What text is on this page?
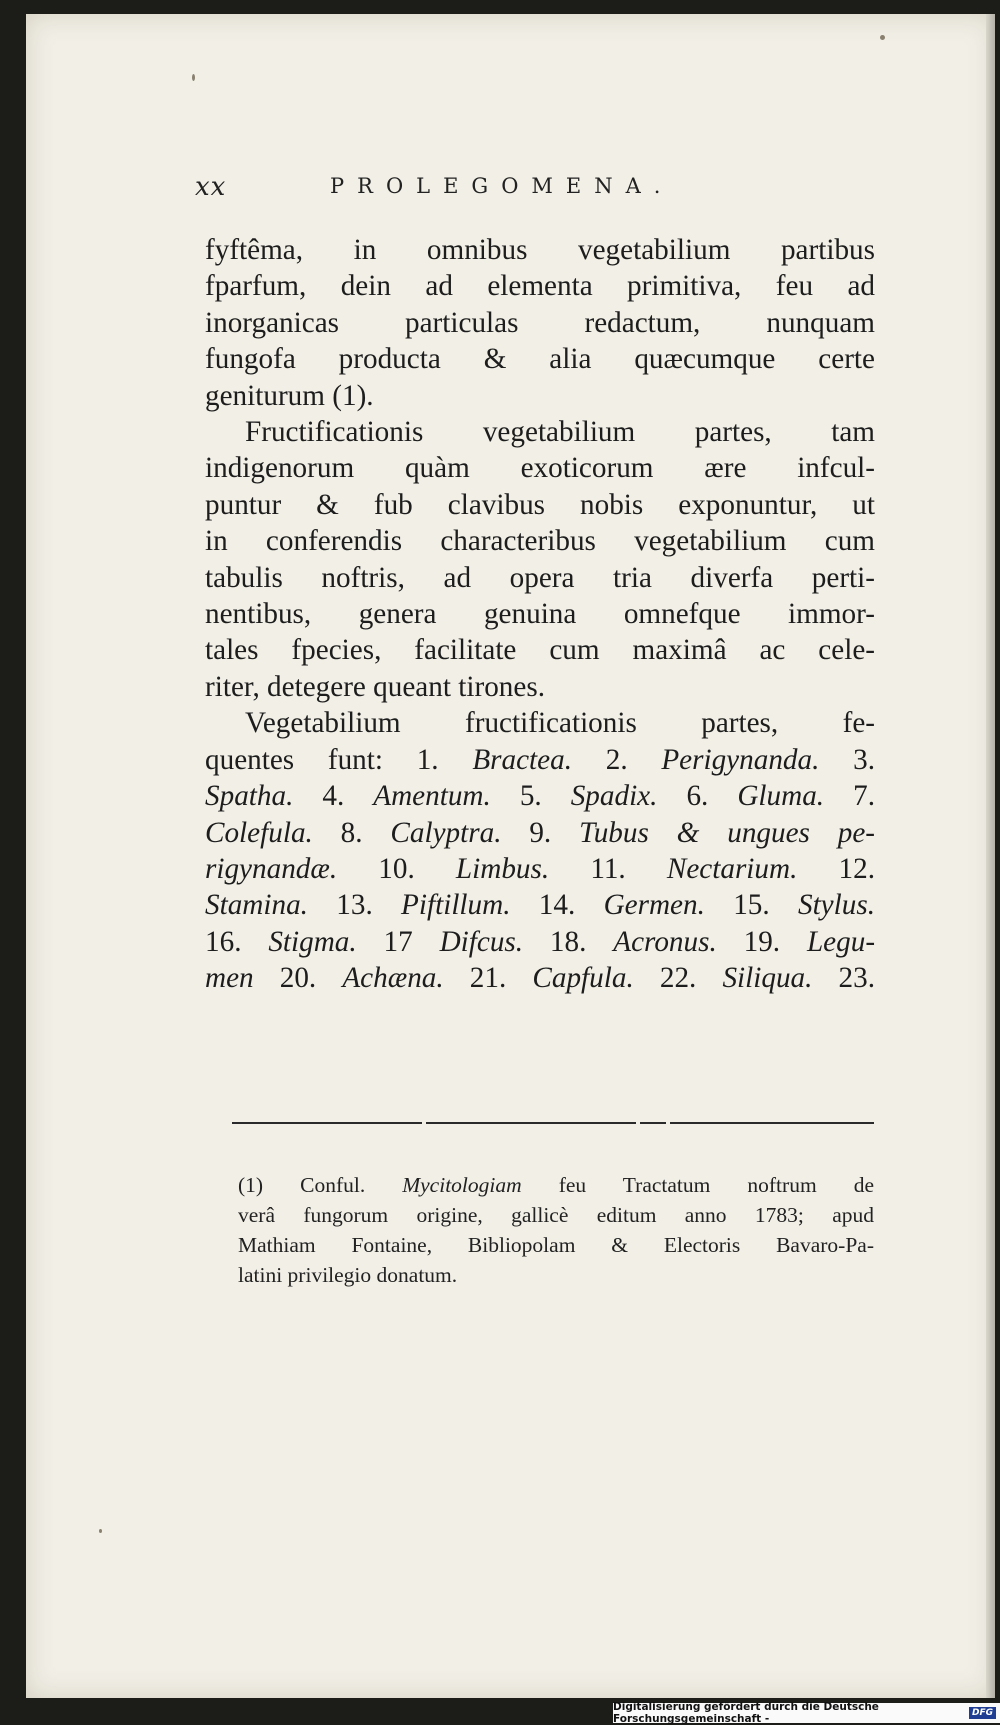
xx	PROLEGOMENA.
fyftêma, in omnibus vegetabilium partibus
fparfum, dein ad elementa primitiva, feu ad
inorganicas particulas redactum, nunquam
fungofa producta & alia quæcumque certe
geniturum (1).
Fructificationis vegetabilium partes, tam
indigenorum quàm exoticorum ære infcul-
puntur & fub clavibus nobis exponuntur, ut
in conferendis characteribus vegetabilium cum
tabulis noftris, ad opera tria diverfa perti-
nentibus, genera genuina omnefque immor-
tales fpecies, facilitate cum maximâ ac cele-
riter, detegere queant tirones.
Vegetabilium fructificationis partes, fe-
quentes funt: 1. Bractea. 2. Perigynanda. 3.
Spatha. 4. Amentum. 5. Spadix. 6. Gluma. 7.
Colefula. 8. Calyptra. 9. Tubus & ungues pe-
rigynandæ. 10. Limbus. 11. Nectarium. 12.
Stamina. 13. Piftillum. 14. Germen. 15. Stylus.
16. Stigma. 17 Difcus. 18. Acronus. 19. Legu-
men 20. Achæna. 21. Capfula. 22. Siliqua. 23.
(1) Conful. Mycitologiam feu Tractatum noftrum de
verâ fungorum origine, gallicè editum anno 1783; apud
Mathiam Fontaine, Bibliopolam & Electoris Bavaro-Pa-
latini privilegio donatum.
Digitalisierung gefördert durch die Deutsche Forschungsgemeinschaft -	DFG
